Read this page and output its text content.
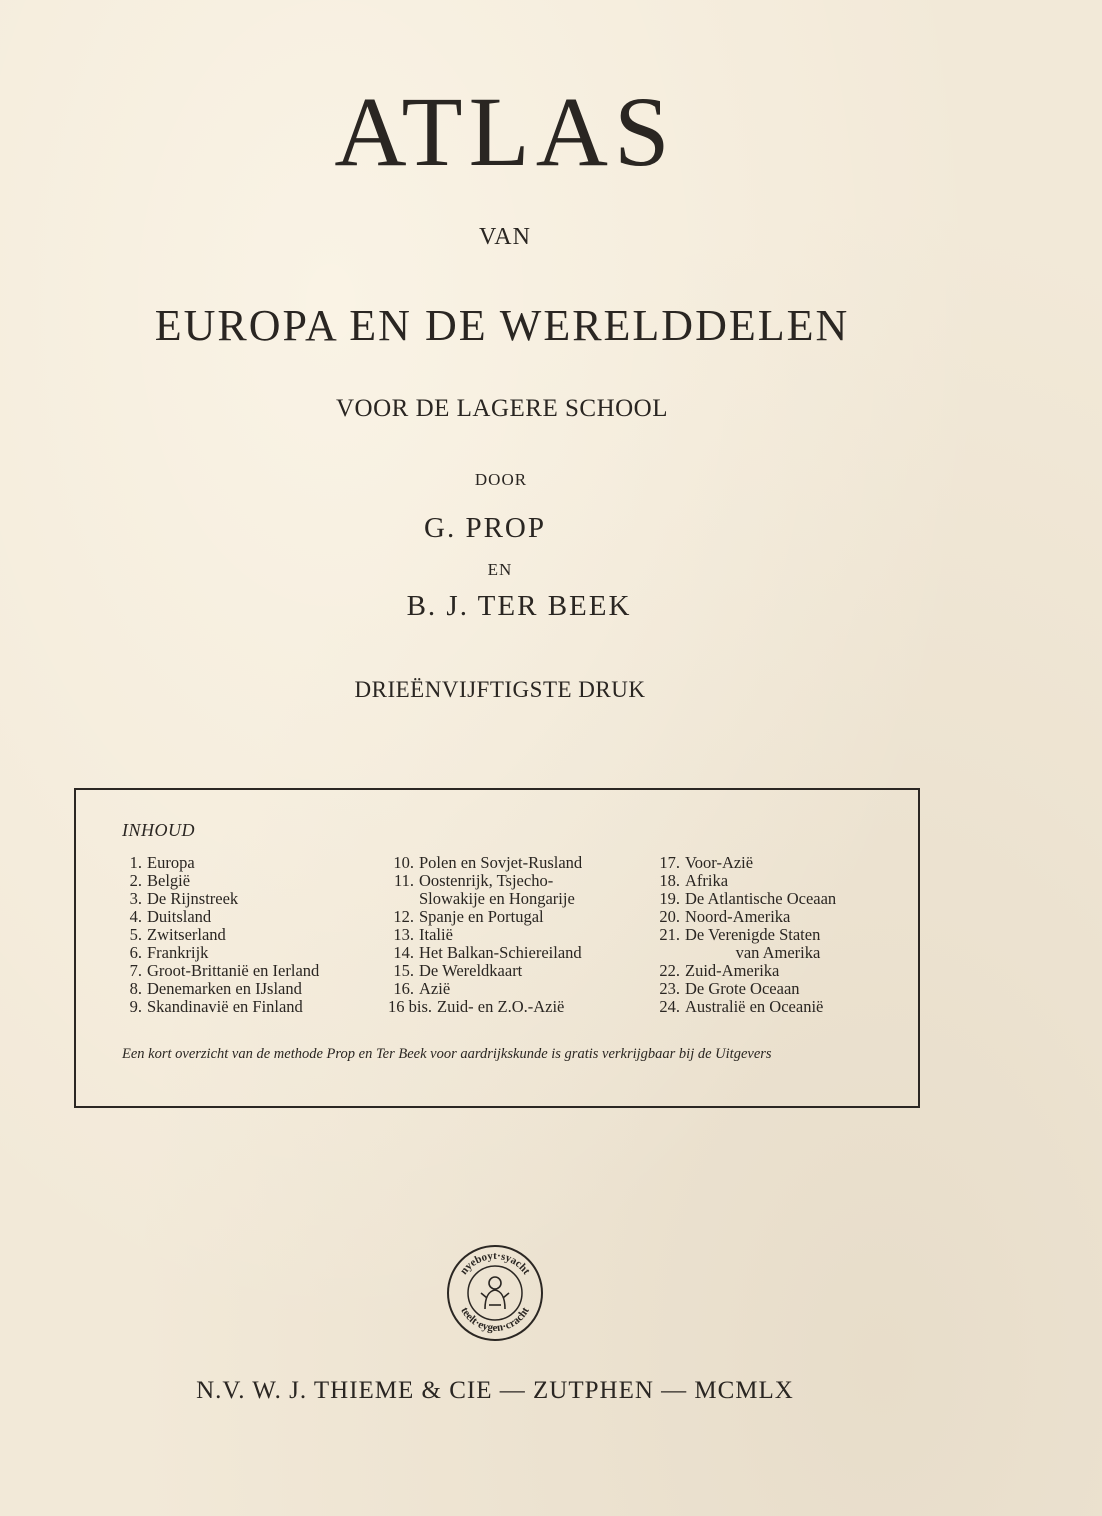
ATLAS
VAN
EUROPA EN DE WERELDDELEN
VOOR DE LAGERE SCHOOL
DOOR
G. PROP
EN
B. J. TER BEEK
DRIEËNVIJFTIGSTE DRUK
INHOUD
1. Europa
2. België
3. De Rijnstreek
4. Duitsland
5. Zwitserland
6. Frankrijk
7. Groot-Brittanië en Ierland
8. Denemarken en IJsland
9. Skandinavië en Finland
10. Polen en Sovjet-Rusland
11. Oostenrijk, Tsjecho-
Slowakije en Hongarije
12. Spanje en Portugal
13. Italië
14. Het Balkan-Schiereiland
15. De Wereldkaart
16. Azië
16 bis. Zuid- en Z.O.-Azië
17. Voor-Azië
18. Afrika
19. De Atlantische Oceaan
20. Noord-Amerika
21. De Verenigde Staten
van Amerika
22. Zuid-Amerika
23. De Grote Oceaan
24. Australië en Oceanië
Een kort overzicht van de methode Prop en Ter Beek voor aardrijkskunde is gratis verkrijgbaar bij de Uitgevers
nyeboyt·syacht
teelt·eygen·cracht
N.V. W. J. THIEME & CIE — ZUTPHEN — MCMLX
